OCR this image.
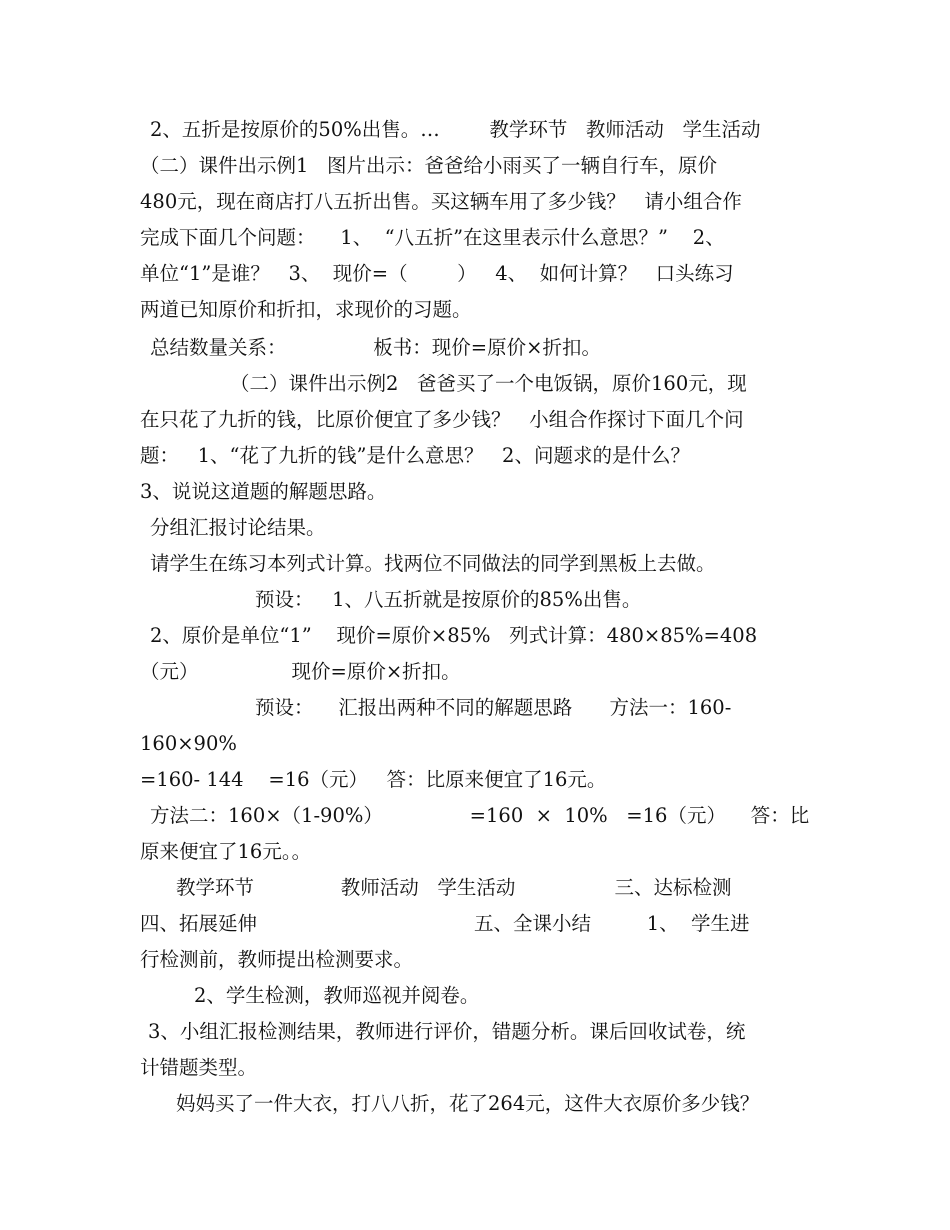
2、五折是按原价的50%出售。…        教学环节   教师活动   学生活动
（二）课件出示例1   图片出示：爸爸给小雨买了一辆自行车，原价
480元，现在商店打八五折出售。买这辆车用了多少钱？   请小组合作
完成下面几个问题：    1、  “八五折”在这里表示什么意思？”    2、
单位“1”是谁？   3、  现价=（        ）   4、  如何计算？   口头练习
两道已知原价和折扣，求现价的习题。
总结数量关系：              板书：现价=原价×折扣。
（二）课件出示例2   爸爸买了一个电饭锅，原价160元，现
在只花了九折的钱，比原价便宜了多少钱？   小组合作探讨下面几个问
题：   1、“花了九折的钱”是什么意思？   2、问题求的是什么？
3、说说这道题的解题思路。
分组汇报讨论结果。
请学生在练习本列式计算。找两位不同做法的同学到黑板上去做。
预设：   1、八五折就是按原价的85%出售。
2、原价是单位“1”    现价=原价×85%   列式计算：480×85%=408
（元）               现价=原价×折扣。
预设：    汇报出两种不同的解题思路      方法一：160-
160×90%
=160- 144    =16（元）   答：比原来便宜了16元。
方法二：160×（1-90%）              =160  ×  10%   =16（元）    答：比
原来便宜了16元。。
教学环节              教师活动   学生活动                三、达标检测
四、拓展延伸                                   五、全课小结         1、  学生进
行检测前，教师提出检测要求。
2、学生检测，教师巡视并阅卷。
3、小组汇报检测结果，教师进行评价，错题分析。课后回收试卷，统
计错题类型。
妈妈买了一件大衣，打八八折，花了264元，这件大衣原价多少钱？
